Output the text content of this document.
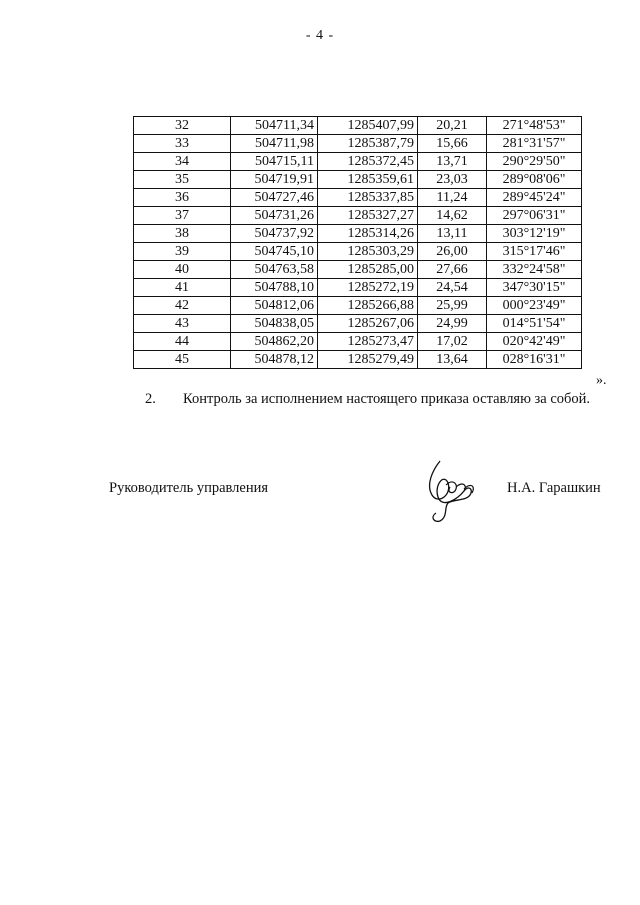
- 4 -
32	504711,34	1285407,99	20,21	271°48'53"
33	504711,98	1285387,79	15,66	281°31'57"
34	504715,11	1285372,45	13,71	290°29'50"
35	504719,91	1285359,61	23,03	289°08'06"
36	504727,46	1285337,85	11,24	289°45'24"
37	504731,26	1285327,27	14,62	297°06'31"
38	504737,92	1285314,26	13,11	303°12'19"
39	504745,10	1285303,29	26,00	315°17'46"
40	504763,58	1285285,00	27,66	332°24'58"
41	504788,10	1285272,19	24,54	347°30'15"
42	504812,06	1285266,88	25,99	000°23'49"
43	504838,05	1285267,06	24,99	014°51'54"
44	504862,20	1285273,47	17,02	020°42'49"
45	504878,12	1285279,49	13,64	028°16'31"
».
2. Контроль за исполнением настоящего приказа оставляю за собой.
Руководитель управления	Н.А. Гарашкин
